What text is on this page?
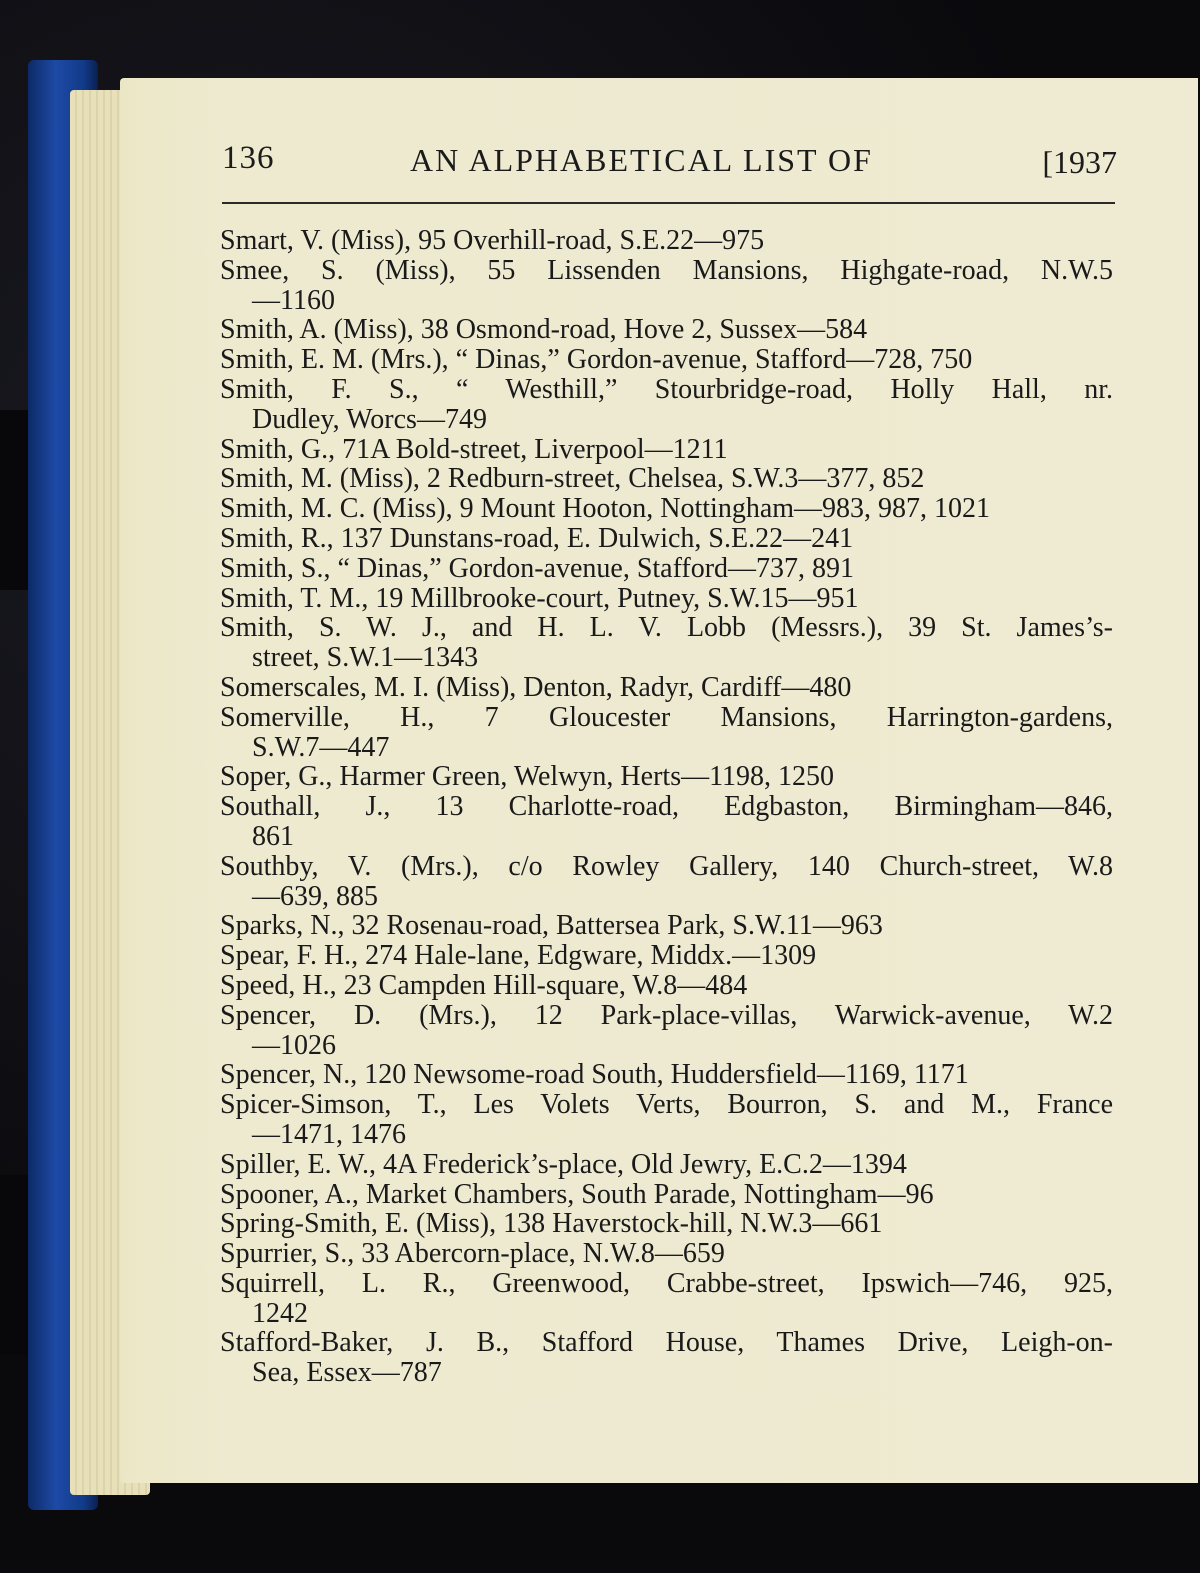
136	AN ALPHABETICAL LIST OF	[1937

Smart, V. (Miss), 95 Overhill-road, S.E.22—975

Smee, S. (Miss), 55 Lissenden Mansions, Highgate-road, N.W.5
—1160

Smith, A. (Miss), 38 Osmond-road, Hove 2, Sussex—584

Smith, E. M. (Mrs.), “ Dinas,” Gordon-avenue, Stafford—728, 750

Smith, F. S., “ Westhill,” Stourbridge-road, Holly Hall, nr.
Dudley, Worcs—749

Smith, G., 71A Bold-street, Liverpool—1211

Smith, M. (Miss), 2 Redburn-street, Chelsea, S.W.3—377, 852

Smith, M. C. (Miss), 9 Mount Hooton, Nottingham—983, 987, 1021

Smith, R., 137 Dunstans-road, E. Dulwich, S.E.22—241

Smith, S., “ Dinas,” Gordon-avenue, Stafford—737, 891

Smith, T. M., 19 Millbrooke-court, Putney, S.W.15—951

Smith, S. W. J., and H. L. V. Lobb (Messrs.), 39 St. James’s-
street, S.W.1—1343

Somerscales, M. I. (Miss), Denton, Radyr, Cardiff—480

Somerville, H., 7 Gloucester Mansions, Harrington-gardens,
S.W.7—447

Soper, G., Harmer Green, Welwyn, Herts—1198, 1250

Southall, J., 13 Charlotte-road, Edgbaston, Birmingham—846,
861

Southby, V. (Mrs.), c/o Rowley Gallery, 140 Church-street, W.8
—639, 885

Sparks, N., 32 Rosenau-road, Battersea Park, S.W.11—963

Spear, F. H., 274 Hale-lane, Edgware, Middx.—1309

Speed, H., 23 Campden Hill-square, W.8—484

Spencer, D. (Mrs.), 12 Park-place-villas, Warwick-avenue, W.2
—1026

Spencer, N., 120 Newsome-road South, Huddersfield—1169, 1171

Spicer-Simson, T., Les Volets Verts, Bourron, S. and M., France
—1471, 1476

Spiller, E. W., 4A Frederick’s-place, Old Jewry, E.C.2—1394

Spooner, A., Market Chambers, South Parade, Nottingham—96

Spring-Smith, E. (Miss), 138 Haverstock-hill, N.W.3—661

Spurrier, S., 33 Abercorn-place, N.W.8—659

Squirrell, L. R., Greenwood, Crabbe-street, Ipswich—746, 925,
1242

Stafford-Baker, J. B., Stafford House, Thames Drive, Leigh-on-
Sea, Essex—787
